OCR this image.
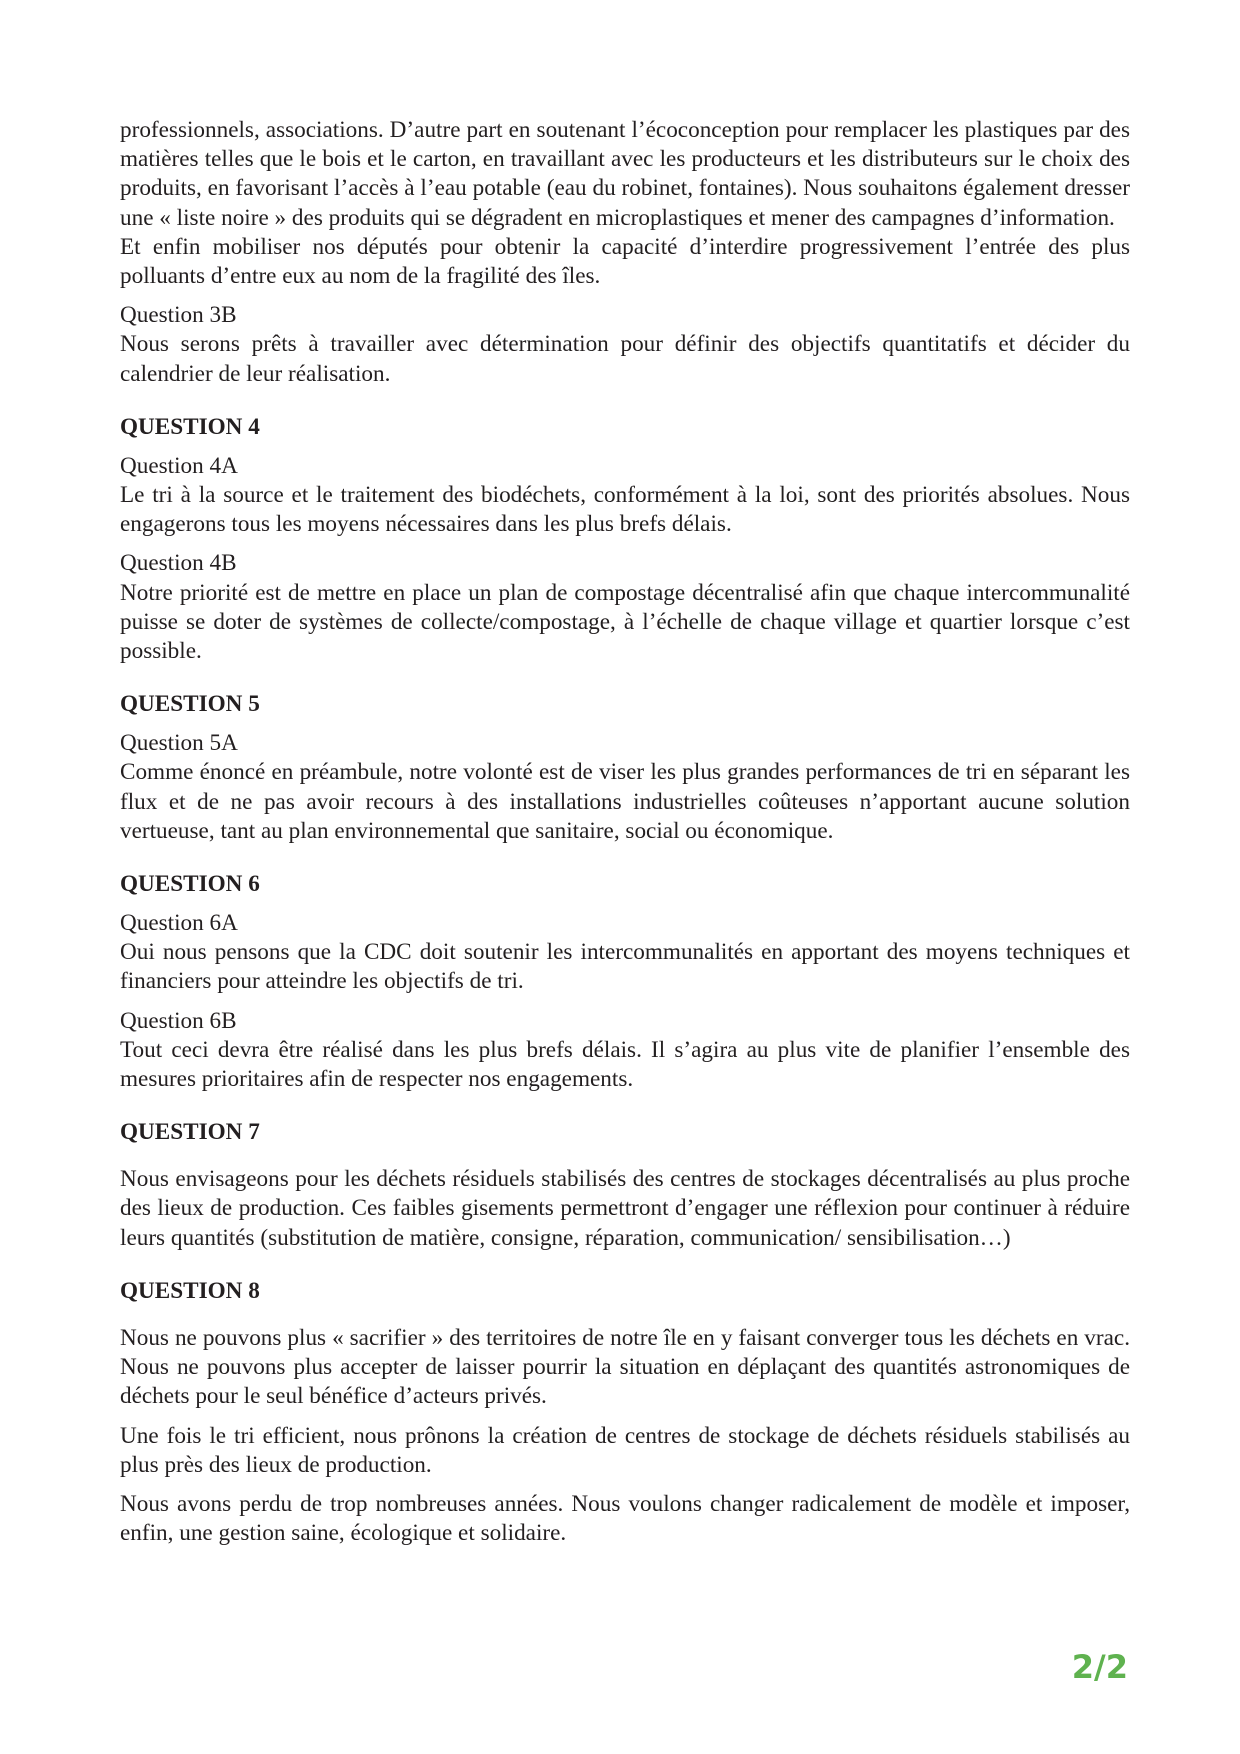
professionnels, associations. D’autre part en soutenant l’écoconception pour remplacer les plastiques par des matières telles que le bois et le carton, en travaillant avec les producteurs et les distributeurs sur le choix des produits, en favorisant l’accès à l’eau potable (eau du robinet, fontaines). Nous souhaitons également dresser une « liste noire » des produits qui se dégradent en microplastiques et mener des campagnes d’information.

Et enfin mobiliser nos députés pour obtenir la capacité d’interdire progressivement l’entrée des plus polluants d’entre eux au nom de la fragilité des îles.

Question 3B

Nous serons prêts à travailler avec détermination pour définir des objectifs quantitatifs et décider du calendrier de leur réalisation.

QUESTION 4

Question 4A

Le tri à la source et le traitement des biodéchets, conformément à la loi, sont des priorités absolues. Nous engagerons tous les moyens nécessaires dans les plus brefs délais.

Question 4B

Notre priorité est de mettre en place un plan de compostage décentralisé afin que chaque intercommunalité puisse se doter de systèmes de collecte/compostage, à l’échelle de chaque village et quartier lorsque c’est possible.

QUESTION 5

Question 5A

Comme énoncé en préambule, notre volonté est de viser les plus grandes performances de tri en séparant les flux et de ne pas avoir recours à des installations industrielles coûteuses n’apportant aucune solution vertueuse, tant au plan environnemental que sanitaire, social ou économique.

QUESTION 6

Question 6A

Oui nous pensons que la CDC doit soutenir les intercommunalités en apportant des moyens techniques et financiers pour atteindre les objectifs de tri.

Question 6B

Tout ceci devra être réalisé dans les plus brefs délais. Il s’agira au plus vite de planifier l’ensemble des mesures prioritaires afin de respecter nos engagements.

QUESTION 7

Nous envisageons pour les déchets résiduels stabilisés des centres de stockages décentralisés au plus proche des lieux de production. Ces faibles gisements permettront d’engager une réflexion pour continuer à réduire leurs quantités (substitution de matière, consigne, réparation, communication/ sensibilisation…)

QUESTION 8

Nous ne pouvons plus « sacrifier » des territoires de notre île en y faisant converger tous les déchets en vrac. Nous ne pouvons plus accepter de laisser pourrir la situation en déplaçant des quantités astronomiques de déchets pour le seul bénéfice d’acteurs privés.

Une fois le tri efficient, nous prônons la création de centres de stockage de déchets résiduels stabilisés au plus près des lieux de production.

Nous avons perdu de trop nombreuses années. Nous voulons changer radicalement de modèle et imposer, enfin, une gestion saine, écologique et solidaire.

2/2
